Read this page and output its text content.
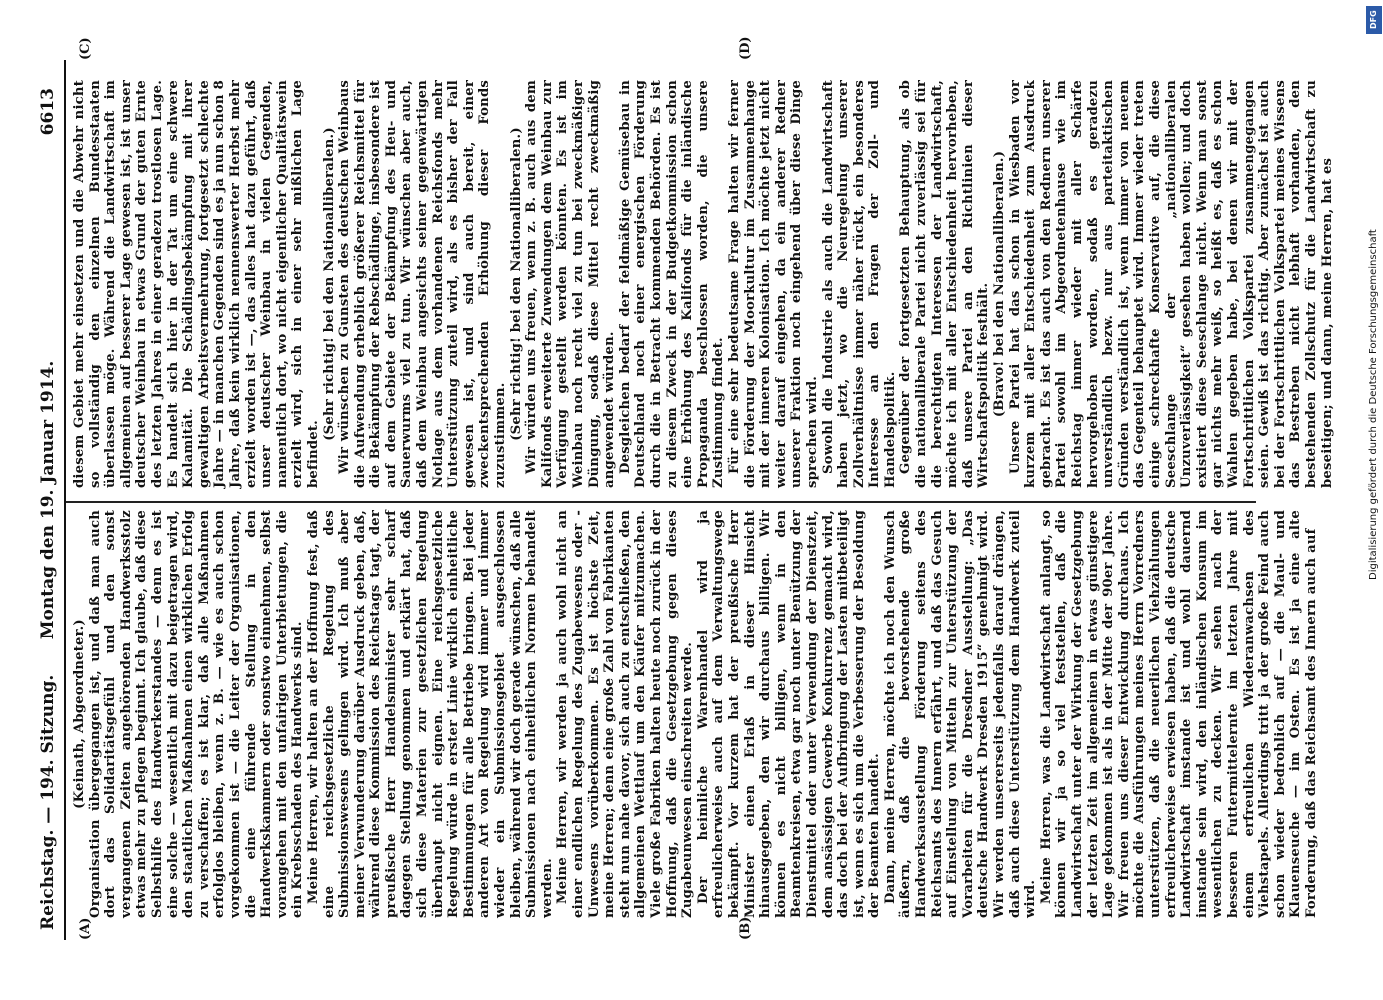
Reichstag. — 194. Sitzung.
Montag den 19. Januar 1914.
6613
(A)	(B)
(C)	(D)

(Keinath, Abgeordneter.) Organisation übergegangen ist, und daß man auch dort das Solidaritätsgefühl und den sonst vergangenen Zeiten angehörenden Handwerksstolz etwas mehr zu pflegen beginnt. Ich glaube, daß diese Selbsthilfe des Handwerkerstandes — denn es ist eine solche — wesentlich mit dazu beigetragen wird, den staatlichen Maßnahmen einen wirklichen Erfolg zu verschaffen; es ist klar, daß alle Maßnahmen erfolglos bleiben, wenn z. B. — wie es auch schon vorgekommen ist — die Leiter der Organisationen, die eine führende Stellung in den Handwerkskammern oder sonstwo einnehmen, selbst vorangehen mit den unfairigen Unterbietungen, die ein Krebsschaden des Handwerks sind. Meine Herren, wir halten an der Hoffnung fest, daß eine reichsgesetzliche Regelung des Submissionswesens gelingen wird. Ich muß aber meiner Verwunderung darüber Ausdruck geben, daß, während diese Kommission des Reichstags tagt, der preußische Herr Handelsminister sehr scharf dagegen Stellung genommen und erklärt hat, daß sich diese Materien zur gesetzlichen Regelung überhaupt nicht eignen. Eine reichsgesetzliche Regelung würde in erster Linie wirklich einheitliche Bestimmungen für alle Betriebe bringen. Bei jeder anderen Art von Regelung wird immer und immer wieder ein Submissionsgebiet ausgeschlossen bleiben, während wir doch gerade wünschen, daß alle Submissionen nach einheitlichen Normen behandelt werden. Meine Herren, wir werden ja auch wohl nicht an einer endlichen Regelung des Zugabewesens oder -Unwesens vorüberkommen. Es ist höchste Zeit, meine Herren; denn eine große Zahl von Fabrikanten steht nun nahe davor, sich auch zu entschließen, den allgemeinen Wettlauf um den Käufer mitzumachen. Viele große Fabriken halten heute noch zurück in der Hoffnung, daß die Gesetzgebung gegen dieses Zugabeunwesen einschreiten werde. Der heimliche Warenhandel wird ja erfreulicherweise auch auf dem Verwaltungswege bekämpft. Vor kurzem hat der preußische Herr Minister einen Erlaß in dieser Hinsicht hinausgegeben, den wir durchaus billigen. Wir können es nicht billigen, wenn in den Beamtenkreisen, etwa gar noch unter Benützung der Dienstmittel oder unter Verwendung der Dienstzeit, dem ansässigen Gewerbe Konkurrenz gemacht wird, das doch bei der Aufbringung der Lasten mitbeteiligt ist, wenn es sich um die Verbesserung der Besoldung der Beamten handelt. Dann, meine Herren, möchte ich noch den Wunsch äußern, daß die bevorstehende große Handwerksausstellung Förderung seitens des Reichsamts des Innern erfährt, und daß das Gesuch auf Einstellung von Mitteln zur Unterstützung der Vorarbeiten für die Dresdner Ausstellung: „Das deutsche Handwerk Dresden 1915“ genehmigt wird. Wir werden unsererseits jedenfalls darauf drängen, daß auch diese Unterstützung dem Handwerk zuteil wird. Meine Herren, was die Landwirtschaft anlangt, so können wir ja so viel feststellen, daß die Landwirtschaft unter der Wirkung der Gesetzgebung der letzten Zeit im allgemeinen in etwas günstigere Lage gekommen ist als in der Mitte der 90er Jahre. Wir freuen uns dieser Entwicklung durchaus. Ich möchte die Ausführungen meines Herrn Vorredners unterstützen, daß die neuerlichen Viehzählungen erfreulicherweise erwiesen haben, daß die deutsche Landwirtschaft imstande ist und wohl dauernd imstande sein wird, den inländischen Konsum im wesentlichen zu decken. Wir sehen nach der besseren Futtermittelernte im letzten Jahre mit einem erfreulichen Wiederanwachsen des Viehstapels. Allerdings tritt ja der große Feind auch schon wieder bedrohlich auf — die Maul- und Klauenseuche — im Osten. Es ist ja eine alte Forderung, daß das Reichsamt des Innern auch auf

diesem Gebiet mehr einsetzen und die Abwehr nicht so vollständig den einzelnen Bundesstaaten überlassen möge. Während die Landwirtschaft im allgemeinen auf besserer Lage gewesen ist, ist unser deutscher Weinbau in etwas Grund der guten Ernte des letzten Jahres in einer geradezu trostlosen Lage. Es handelt sich hier in der Tat um eine schwere Kalamität. Die Schädlingsbekämpfung mit ihrer gewaltigen Arbeitsvermehrung, fortgesetzt schlechte Jahre — in manchen Gegenden sind es ja nun schon 8 Jahre, daß kein wirklich nennenswerter Herbst mehr erzielt worden ist —, das alles hat dazu geführt, daß unser deutscher Weinbau in vielen Gegenden, namentlich dort, wo nicht eigentlicher Qualitätswein erzielt wird, sich in einer sehr mißlichen Lage befindet.

(Sehr richtig! bei den Nationalliberalen.) Wir wünschen zu Gunsten des deutschen Weinbaus die Aufwendung erheblich größerer Reichsmittel für die Bekämpfung der Rebschädlinge, insbesondere ist auf dem Gebiete der Bekämpfung des Heu- und Sauerwurms viel zu tun. Wir wünschen aber auch, daß dem Weinbau angesichts seiner gegenwärtigen Notlage aus dem vorhandenen Reichsfonds mehr Unterstützung zuteil wird, als es bisher der Fall gewesen ist, und sind auch bereit, einer zweckentsprechenden Erhöhung dieser Fonds zuzustimmen. (Sehr richtig! bei den Nationalliberalen.) Wir würden uns freuen, wenn z. B. auch aus dem Kalifonds erweiterte Zuwendungen dem Weinbau zur Verfügung gestellt werden könnten. Es ist im Weinbau noch recht viel zu tun bei zweckmäßiger Düngung, sodaß diese Mittel recht zweckmäßig angewendet würden. Desgleichen bedarf der feldmäßige Gemüsebau in Deutschland noch einer energischen Förderung durch die in Betracht kommenden Behörden. Es ist zu diesem Zweck in der Budgetkommission schon eine Erhöhung des Kalifonds für die inländische Propaganda beschlossen worden, die unsere Zustimmung findet. Für eine sehr bedeutsame Frage halten wir ferner die Förderung der Moorkultur im Zusammenhange mit der inneren Kolonisation. Ich möchte jetzt nicht weiter darauf eingehen, da ein anderer Redner unserer Fraktion noch eingehend über diese Dinge sprechen wird. Sowohl die Industrie als auch die Landwirtschaft haben jetzt, wo die Neuregelung unserer Zollverhältnisse immer näher rückt, ein besonderes Interesse an den Fragen der Zoll- und Handelspolitik. Gegenüber der fortgesetzten Behauptung, als ob die nationalliberale Partei nicht zuverlässig sei für die berechtigten Interessen der Landwirtschaft, möchte ich mit aller Entschiedenheit hervorheben, daß unsere Partei an den Richtlinien dieser Wirtschaftspolitik festhält. (Bravo! bei den Nationalliberalen.) Unsere Partei hat das schon in Wiesbaden vor kurzem mit aller Entschiedenheit zum Ausdruck gebracht. Es ist das auch von den Rednern unserer Partei sowohl im Abgeordnetenhause wie im Reichstag immer wieder mit aller Schärfe hervorgehoben worden, sodaß es geradezu unverständlich bezw. nur aus parteitaktischen Gründen verständlich ist, wenn immer von neuem das Gegenteil behauptet wird. Immer wieder treten einige schreckhafte Konservative auf, die diese Seeschlange der „nationalliberalen Unzuverlässigkeit“ gesehen haben wollen; und doch existiert diese Seeschlange nicht. Wenn man sonst gar nichts mehr weiß, so heißt es, daß es schon Wahlen gegeben habe, bei denen wir mit der Fortschrittlichen Volkspartei zusammengegangen seien. Gewiß ist das richtig. Aber zunächst ist auch bei der Fortschrittlichen Volkspartei meines Wissens das Bestreben nicht lebhaft vorhanden, den bestehenden Zollschutz für die Landwirtschaft zu beseitigen; und dann, meine Herren, hat es

DFG
Digitalisierung gefördert durch die Deutsche Forschungsgemeinschaft
